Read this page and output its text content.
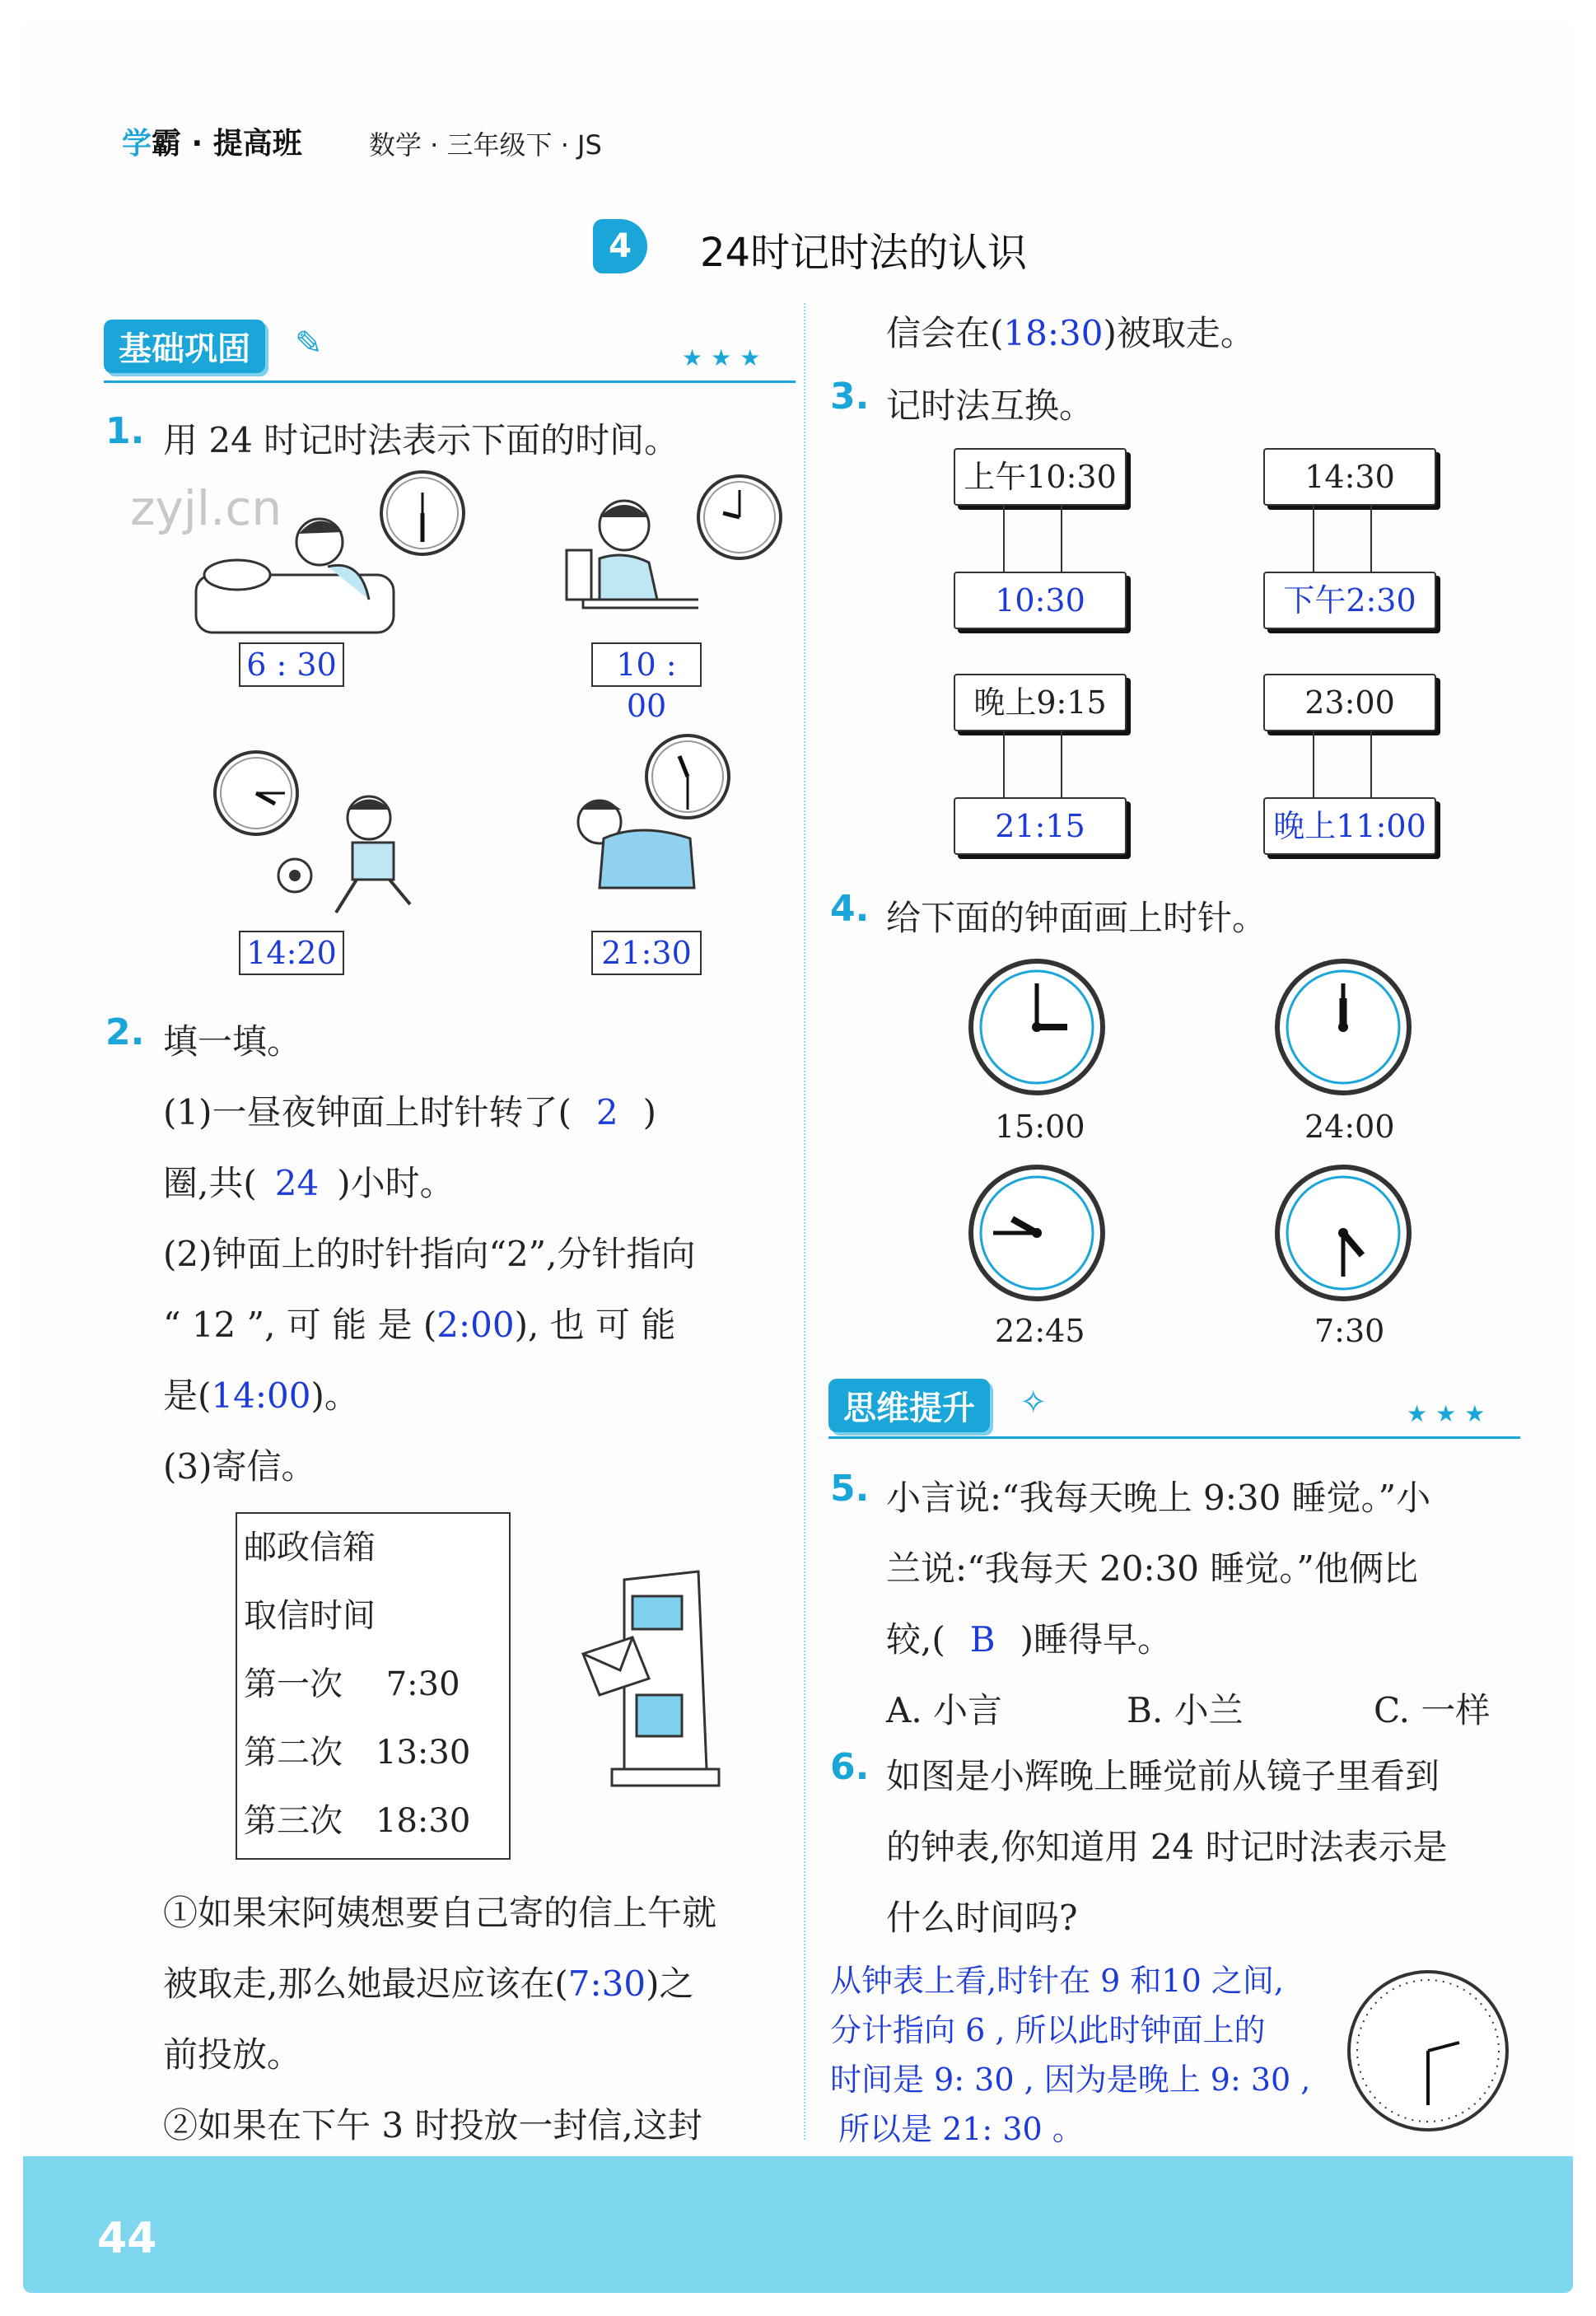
学霸 · 提高班	数学 · 三年级下 · JS
4	24时记时法的认识
zyjl.cn
基础巩固	✎	★★★
1. 用 24 时记时法表示下面的时间。
6 : 30	10 : 00
14:20	21:30
2. 填一填。
(1)一昼夜钟面上时针转了( 2 )
圈,共( 24 )小时。
(2)钟面上的时针指向“2”,分针指向
“ 12 ”, 可 能 是 (2:00), 也 可 能
是(14:00)。
(3)寄信。
邮政信箱
取信时间
第一次　 7:30
第二次　13:30
第三次　18:30
①如果宋阿姨想要自己寄的信上午就
被取走,那么她最迟应该在(7:30)之
前投放。
②如果在下午 3 时投放一封信,这封
信会在(18:30)被取走。
3. 记时法互换。
上午10:30
10:30
14:30
下午2:30
晚上9:15
21:15
23:00
晚上11:00
4. 给下面的钟面画上时针。
15:00	24:00
22:45	7:30
思维提升	✧	★★★
5. 小言说:“我每天晚上 9:30 睡觉。”小
兰说:“我每天 20:30 睡觉。”他俩比
较,( B )睡得早。
A. 小言	B. 小兰	C. 一样
6. 如图是小辉晚上睡觉前从镜子里看到
的钟表,你知道用 24 时记时法表示是
什么时间吗?
从钟表上看,时针在 9 和10 之间,
分计指向 6 , 所以此时钟面上的
时间是 9: 30 , 因为是晚上 9: 30 ,
所以是 21: 30 。
44
